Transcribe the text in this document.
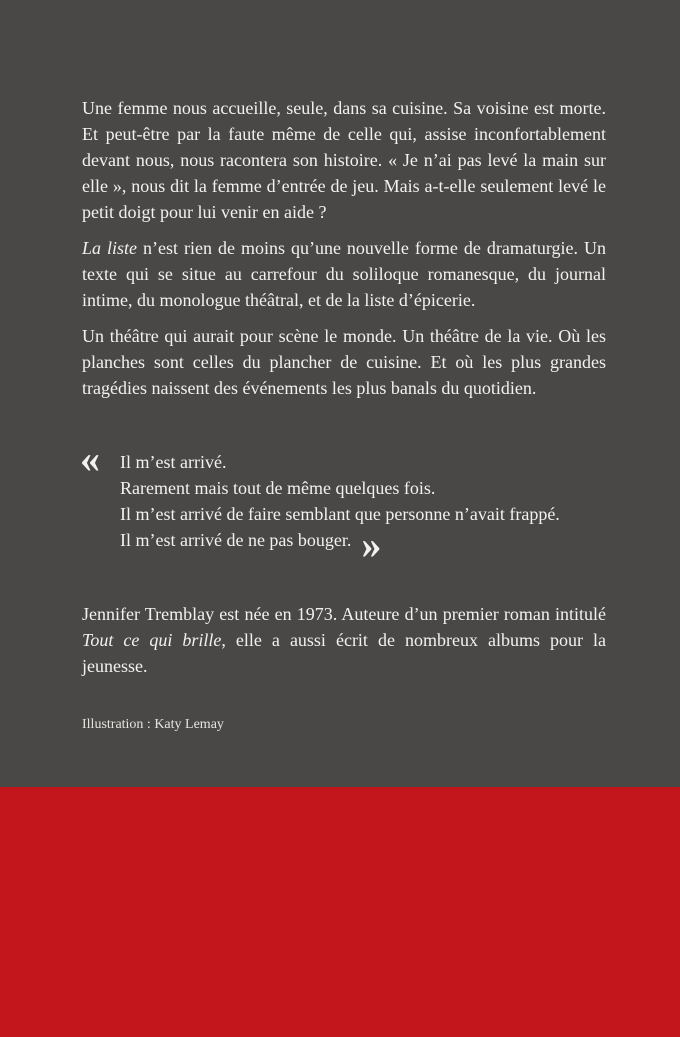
Une femme nous accueille, seule, dans sa cuisine. Sa voisine est morte. Et peut-être par la faute même de celle qui, assise inconfortablement devant nous, nous racontera son histoire. « Je n’ai pas levé la main sur elle », nous dit la femme d’entrée de jeu. Mais a-t-elle seulement levé le petit doigt pour lui venir en aide ?

La liste n’est rien de moins qu’une nouvelle forme de dramaturgie. Un texte qui se situe au carrefour du soliloque romanesque, du journal intime, du monologue théâtral, et de la liste d’épicerie.

Un théâtre qui aurait pour scène le monde. Un théâtre de la vie. Où les planches sont celles du plancher de cuisine. Et où les plus grandes tragédies naissent des événements les plus banals du quotidien.

« Il m’est arrivé.
Rarement mais tout de même quelques fois.
Il m’est arrivé de faire semblant que personne n’avait frappé.
Il m’est arrivé de ne pas bouger. »

Jennifer Tremblay est née en 1973. Auteure d’un premier roman intitulé Tout ce qui brille, elle a aussi écrit de nombreux albums pour la jeunesse.

Illustration : Katy Lemay
